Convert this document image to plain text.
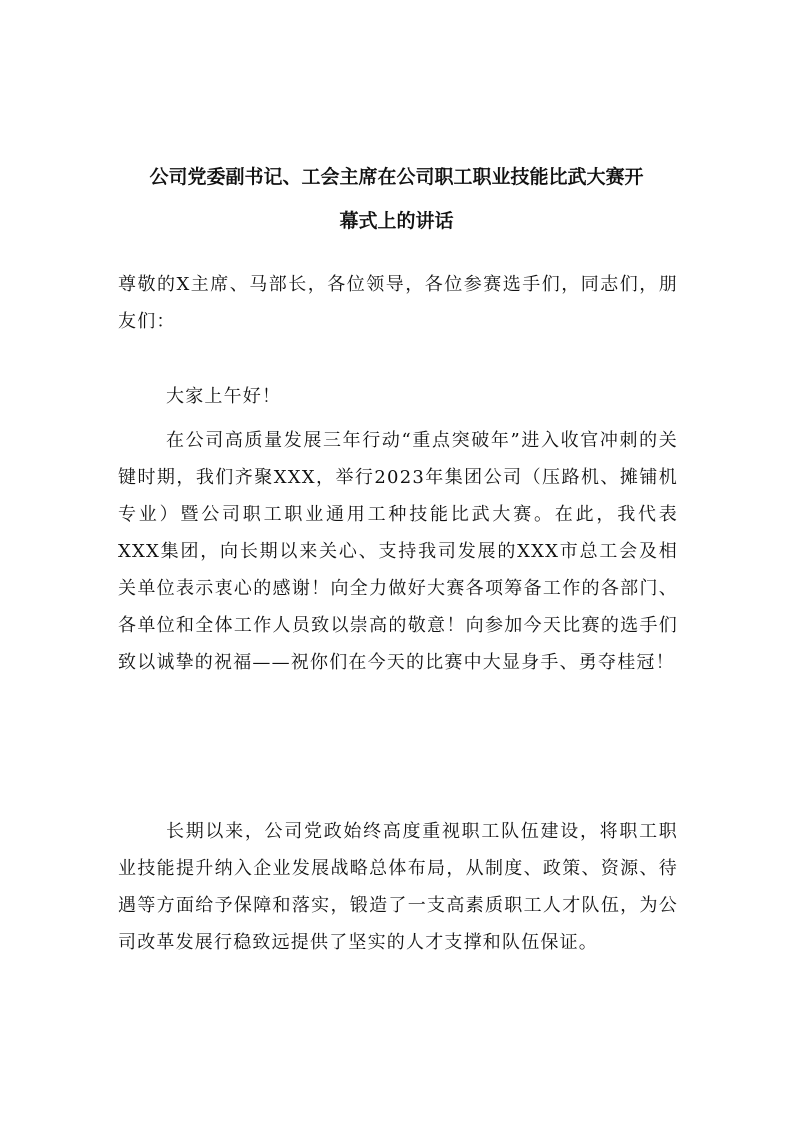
公司党委副书记、工会主席在公司职工职业技能比武大赛开
幕式上的讲话
尊敬的X主席、马部长，各位领导，各位参赛选手们，同志们，朋友们：
大家上午好！
在公司高质量发展三年行动“重点突破年”进入收官冲刺的关键时期，我们齐聚XXX，举行2023年集团公司（压路机、摊铺机专业）暨公司职工职业通用工种技能比武大赛。在此，我代表XXX集团，向长期以来关心、支持我司发展的XXX市总工会及相关单位表示衷心的感谢！向全力做好大赛各项筹备工作的各部门、各单位和全体工作人员致以崇高的敬意！向参加今天比赛的选手们致以诚挚的祝福——祝你们在今天的比赛中大显身手、勇夺桂冠！
长期以来，公司党政始终高度重视职工队伍建设，将职工职业技能提升纳入企业发展战略总体布局，从制度、政策、资源、待遇等方面给予保障和落实，锻造了一支高素质职工人才队伍，为公司改革发展行稳致远提供了坚实的人才支撑和队伍保证。
